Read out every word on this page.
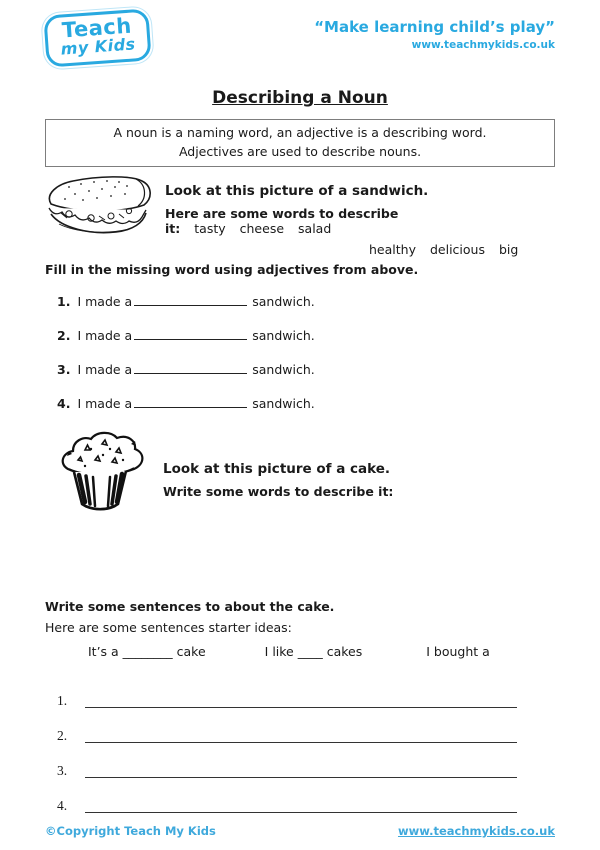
Teach
my Kids
“Make learning child’s play”
www.teachmykids.co.uk
Describing a Noun
A noun is a naming word, an adjective is a describing word.
Adjectives are used to describe nouns.
Look at this picture of a sandwich.
Here are some words to describe it: tasty cheese salad
healthy delicious big
Fill in the missing word using adjectives from above.
1. I made a	sandwich.
2. I made a	sandwich.
3. I made a	sandwich.
4. I made a	sandwich.
Look at this picture of a cake.
Write some words to describe it:
Write some sentences to about the cake.
Here are some sentences starter ideas:
It’s a ________ cake	I like ____ cakes	I bought a
1.
2.
3.
4.
©Copyright Teach My Kids	www.teachmykids.co.uk
